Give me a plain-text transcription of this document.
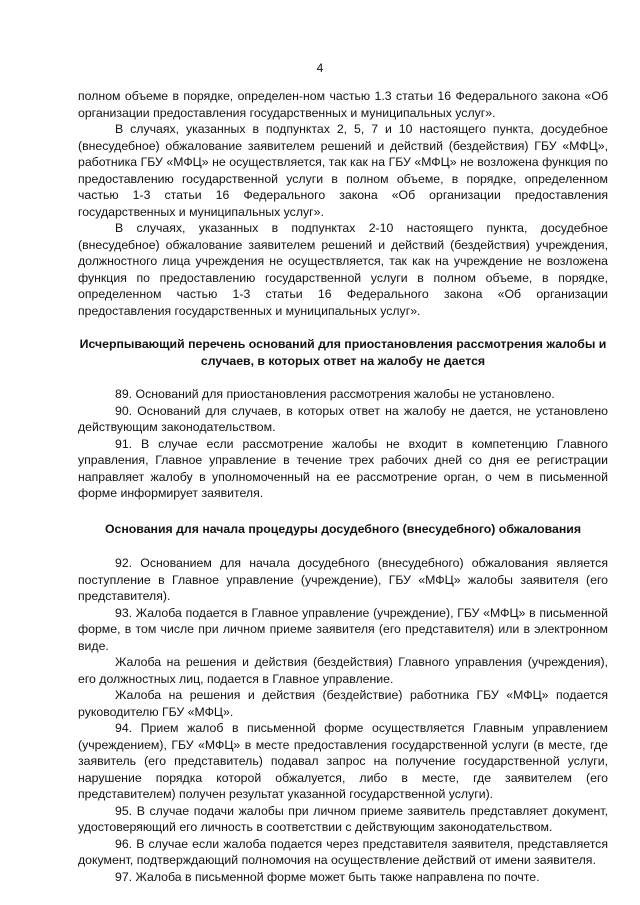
4

полном объеме в порядке, определен-ном частью 1.3 статьи 16 Федерального закона «Об организации предоставления государственных и муниципальных услуг».

В случаях, указанных в подпунктах 2, 5, 7 и 10 настоящего пункта, досудебное (внесудебное) обжалование заявителем решений и действий (бездействия) ГБУ «МФЦ», работника ГБУ «МФЦ» не осуществляется, так как на ГБУ «МФЦ» не возложена функция по предоставлению государственной услуги в полном объеме, в порядке, определенном частью 1-3 статьи 16 Федерального закона «Об организации предоставления государственных и муниципальных услуг».

В случаях, указанных в подпунктах 2-10 настоящего пункта, досудебное (внесудебное) обжалование заявителем решений и действий (бездействия) учреждения, должностного лица учреждения не осуществляется, так как на учреждение не возложена функция по предоставлению государственной услуги в полном объеме, в порядке, определенном частью 1-3 статьи 16 Федерального закона «Об организации предоставления государственных и муниципальных услуг».

Исчерпывающий перечень оснований для приостановления рассмотрения жалобы и случаев, в которых ответ на жалобу не дается

89. Оснований для приостановления рассмотрения жалобы не установлено.

90. Оснований для случаев, в которых ответ на жалобу не дается, не установлено действующим законодательством.

91. В случае если рассмотрение жалобы не входит в компетенцию Главного управления, Главное управление в течение трех рабочих дней со дня ее регистрации направляет жалобу в уполномоченный на ее рассмотрение орган, о чем в письменной форме информирует заявителя.

Основания для начала процедуры досудебного (внесудебного) обжалования

92. Основанием для начала досудебного (внесудебного) обжалования является поступление в Главное управление (учреждение), ГБУ «МФЦ» жалобы заявителя (его представителя).

93. Жалоба подается в Главное управление (учреждение), ГБУ «МФЦ» в письменной форме, в том числе при личном приеме заявителя (его представителя) или в электронном виде.

Жалоба на решения и действия (бездействия) Главного управления (учреждения), его должностных лиц, подается в Главное управление.

Жалоба на решения и действия (бездействие) работника ГБУ «МФЦ» подается руководителю ГБУ «МФЦ».

94. Прием жалоб в письменной форме осуществляется Главным управлением (учреждением), ГБУ «МФЦ» в месте предоставления государственной услуги (в месте, где заявитель (его представитель) подавал запрос на получение государственной услуги, нарушение порядка которой обжалуется, либо в месте, где заявителем (его представителем) получен результат указанной государственной услуги).

95. В случае подачи жалобы при личном приеме заявитель представляет документ, удостоверяющий его личность в соответствии с действующим законодательством.

96. В случае если жалоба подается через представителя заявителя, представляется документ, подтверждающий полномочия на осуществление действий от имени заявителя.

97. Жалоба в письменной форме может быть также направлена по почте.
